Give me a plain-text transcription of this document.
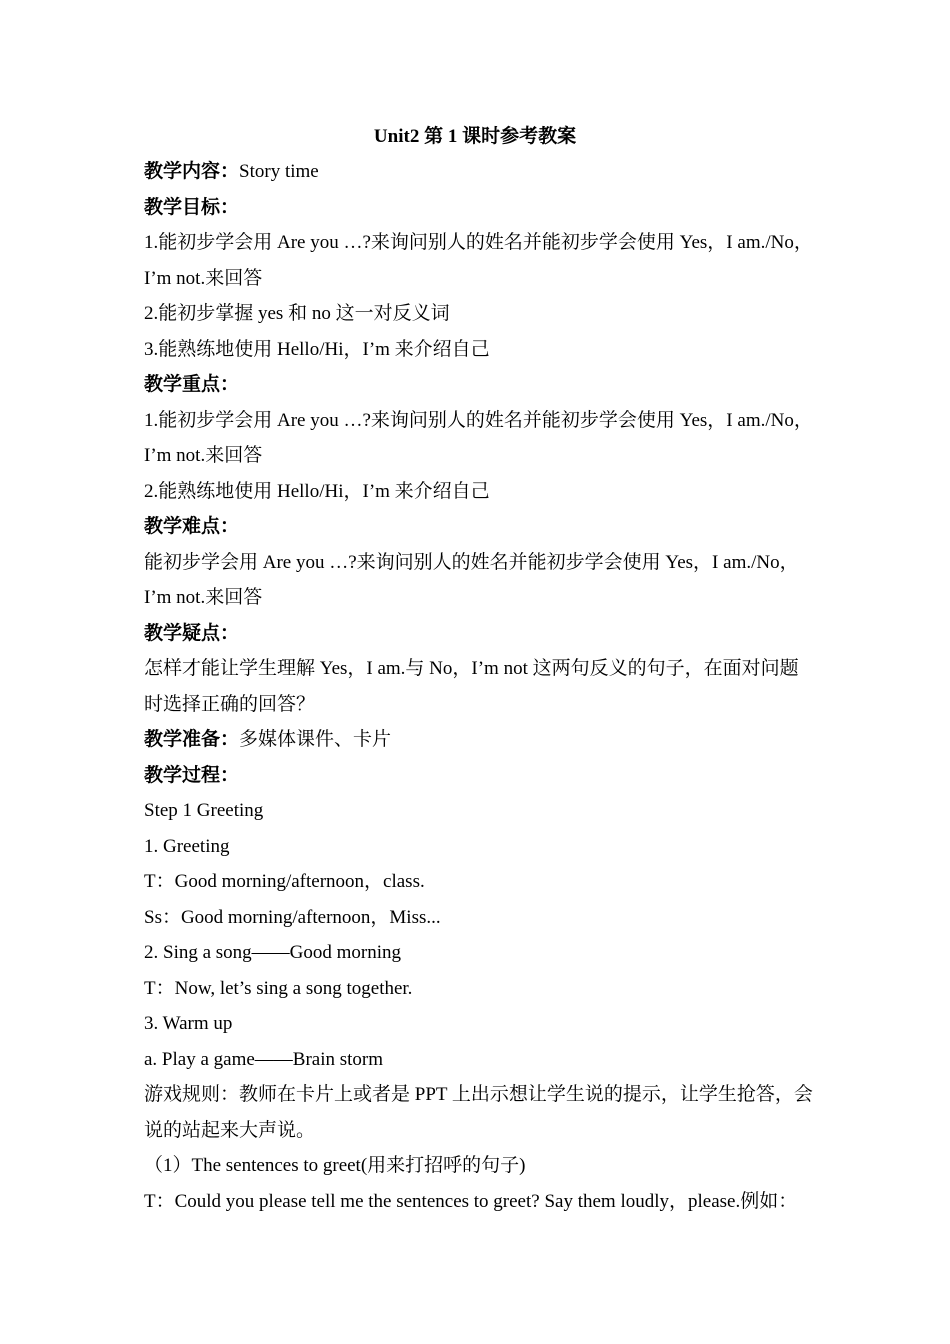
Unit2 第 1 课时参考教案
教学内容：Story time
教学目标：
1.能初步学会用 Are you …?来询问别人的姓名并能初步学会使用 Yes，I am./No，
I’m not.来回答
2.能初步掌握 yes 和 no 这一对反义词
3.能熟练地使用 Hello/Hi，I’m 来介绍自己
教学重点：
1.能初步学会用 Are you …?来询问别人的姓名并能初步学会使用 Yes，I am./No，
I’m not.来回答
2.能熟练地使用 Hello/Hi，I’m 来介绍自己
教学难点：
能初步学会用 Are you …?来询问别人的姓名并能初步学会使用 Yes，I am./No，
I’m not.来回答
教学疑点：
怎样才能让学生理解 Yes，I am.与 No，I’m not 这两句反义的句子，在面对问题
时选择正确的回答？
教学准备：多媒体课件、卡片
教学过程：
Step 1 Greeting
1. Greeting
T：Good morning/afternoon，class.
Ss：Good morning/afternoon，Miss...
2. Sing a song——Good morning
T：Now, let’s sing a song together.
3. Warm up
a. Play a game——Brain storm
游戏规则：教师在卡片上或者是 PPT 上出示想让学生说的提示，让学生抢答，会
说的站起来大声说。
（1）The sentences to greet(用来打招呼的句子)
T：Could you please tell me the sentences to greet? Say them loudly，please.例如：
